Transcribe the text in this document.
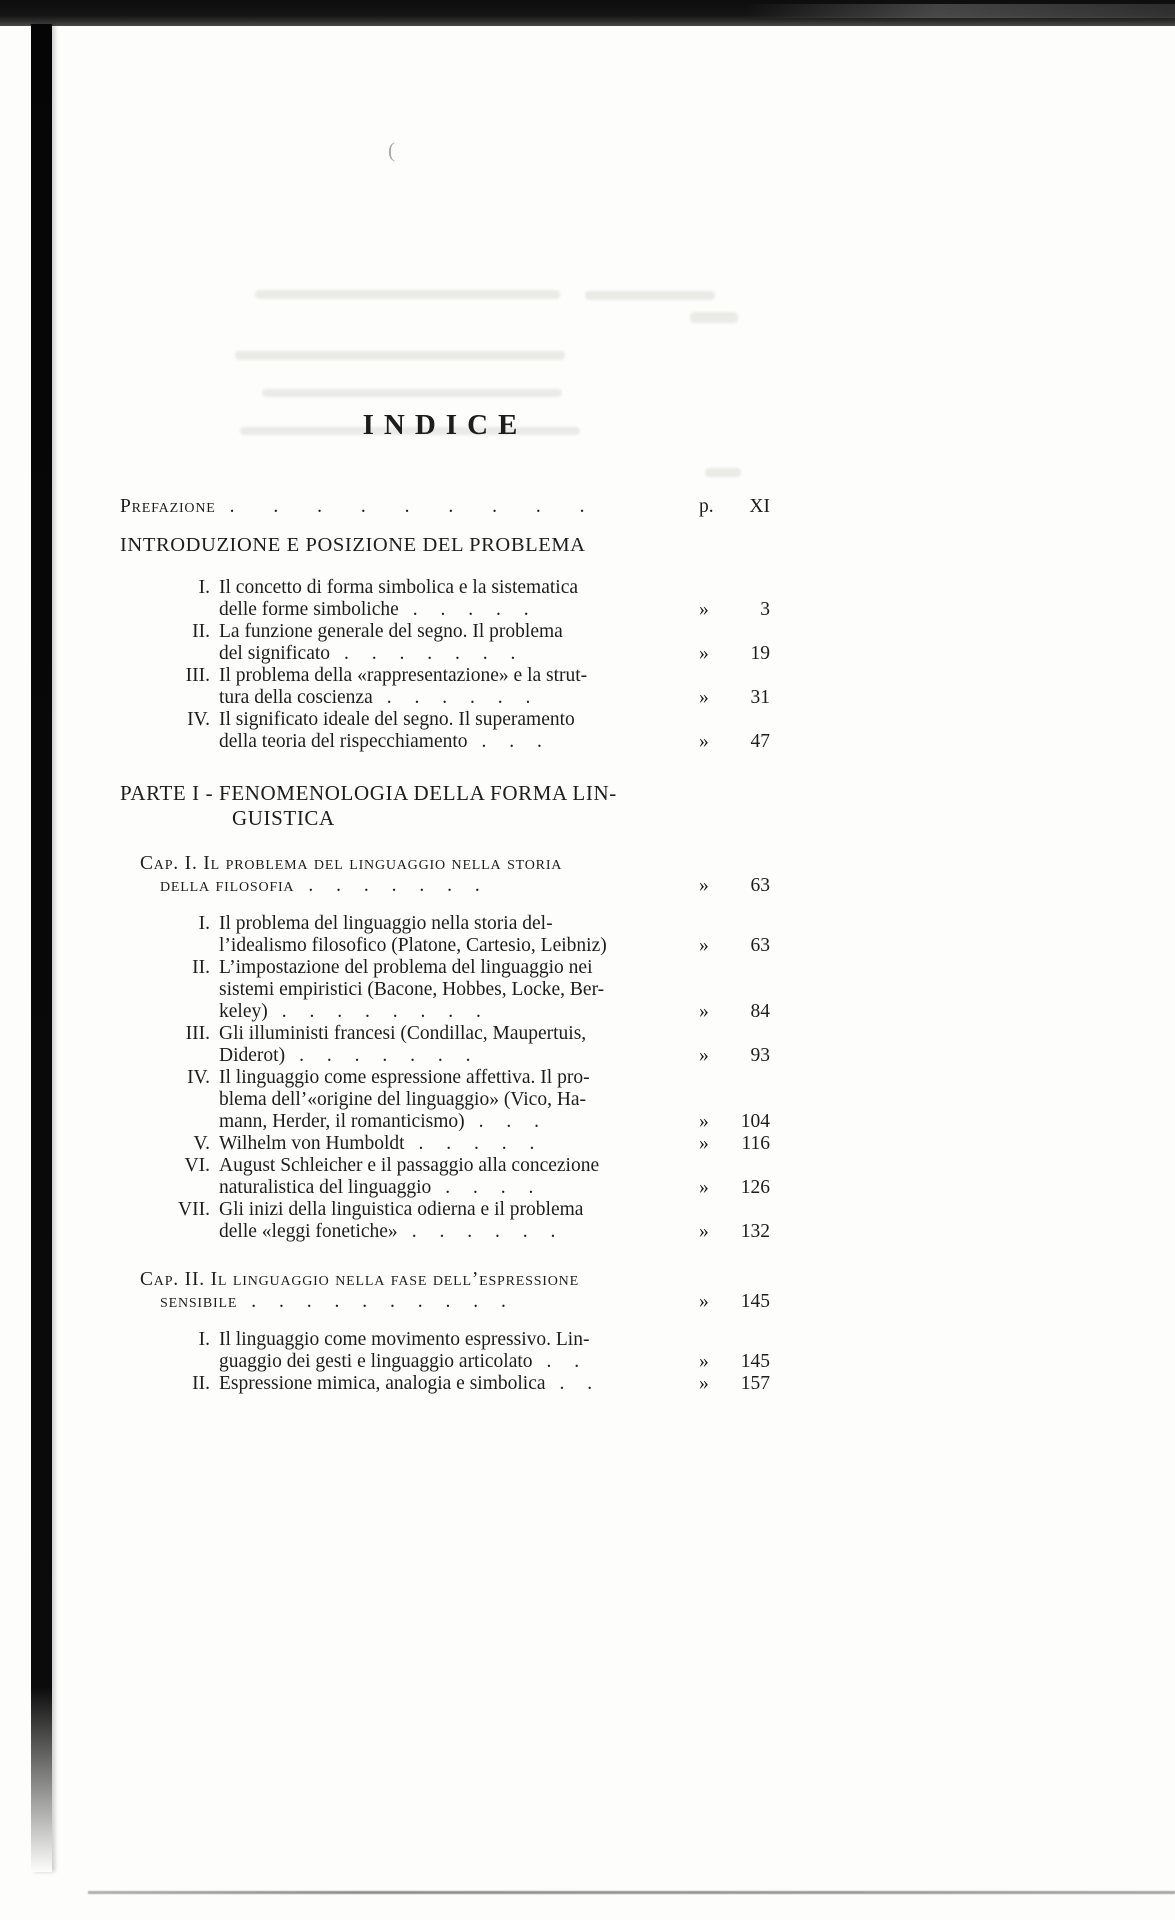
(
INDICE
Prefazione . . . . . . . . .	p. XI
INTRODUZIONE E POSIZIONE DEL PROBLEMA
I. Il concetto di forma simbolica e la sistematica
delle forme simboliche . . . . .	»	3
II. La funzione generale del segno. Il problema
del significato . . . . . . .	» 19
III. Il problema della «rappresentazione» e la strut-
tura della coscienza . . . . . .	» 31
IV. Il significato ideale del segno. Il superamento
della teoria del rispecchiamento . . .	» 47
PARTE I - FENOMENOLOGIA DELLA FORMA LIN-
GUISTICA
Cap. I. Il problema del linguaggio nella storia
della filosofia . . . . . . .	» 63
I. Il problema del linguaggio nella storia del-
l’idealismo filosofico (Platone, Cartesio, Leibniz)	» 63
II. L’impostazione del problema del linguaggio nei
sistemi empiristici (Bacone, Hobbes, Locke, Ber-
keley) . . . . . . . .	» 84
III. Gli illuministi francesi (Condillac, Maupertuis,
Diderot) . . . . . . .	» 93
IV. Il linguaggio come espressione affettiva. Il pro-
blema dell’«origine del linguaggio» (Vico, Ha-
mann, Herder, il romanticismo) . . .	» 104
V. Wilhelm von Humboldt . . . . .	» 116
VI. August Schleicher e il passaggio alla concezione
naturalistica del linguaggio . . . .	» 126
VII. Gli inizi della linguistica odierna e il problema
delle «leggi fonetiche» . . . . . .	» 132
Cap. II. Il linguaggio nella fase dell’espressione
sensibile . . . . . . . . . .	» 145
I. Il linguaggio come movimento espressivo. Lin-
guaggio dei gesti e linguaggio articolato . .	» 145
II. Espressione mimica, analogia e simbolica . .	» 157
